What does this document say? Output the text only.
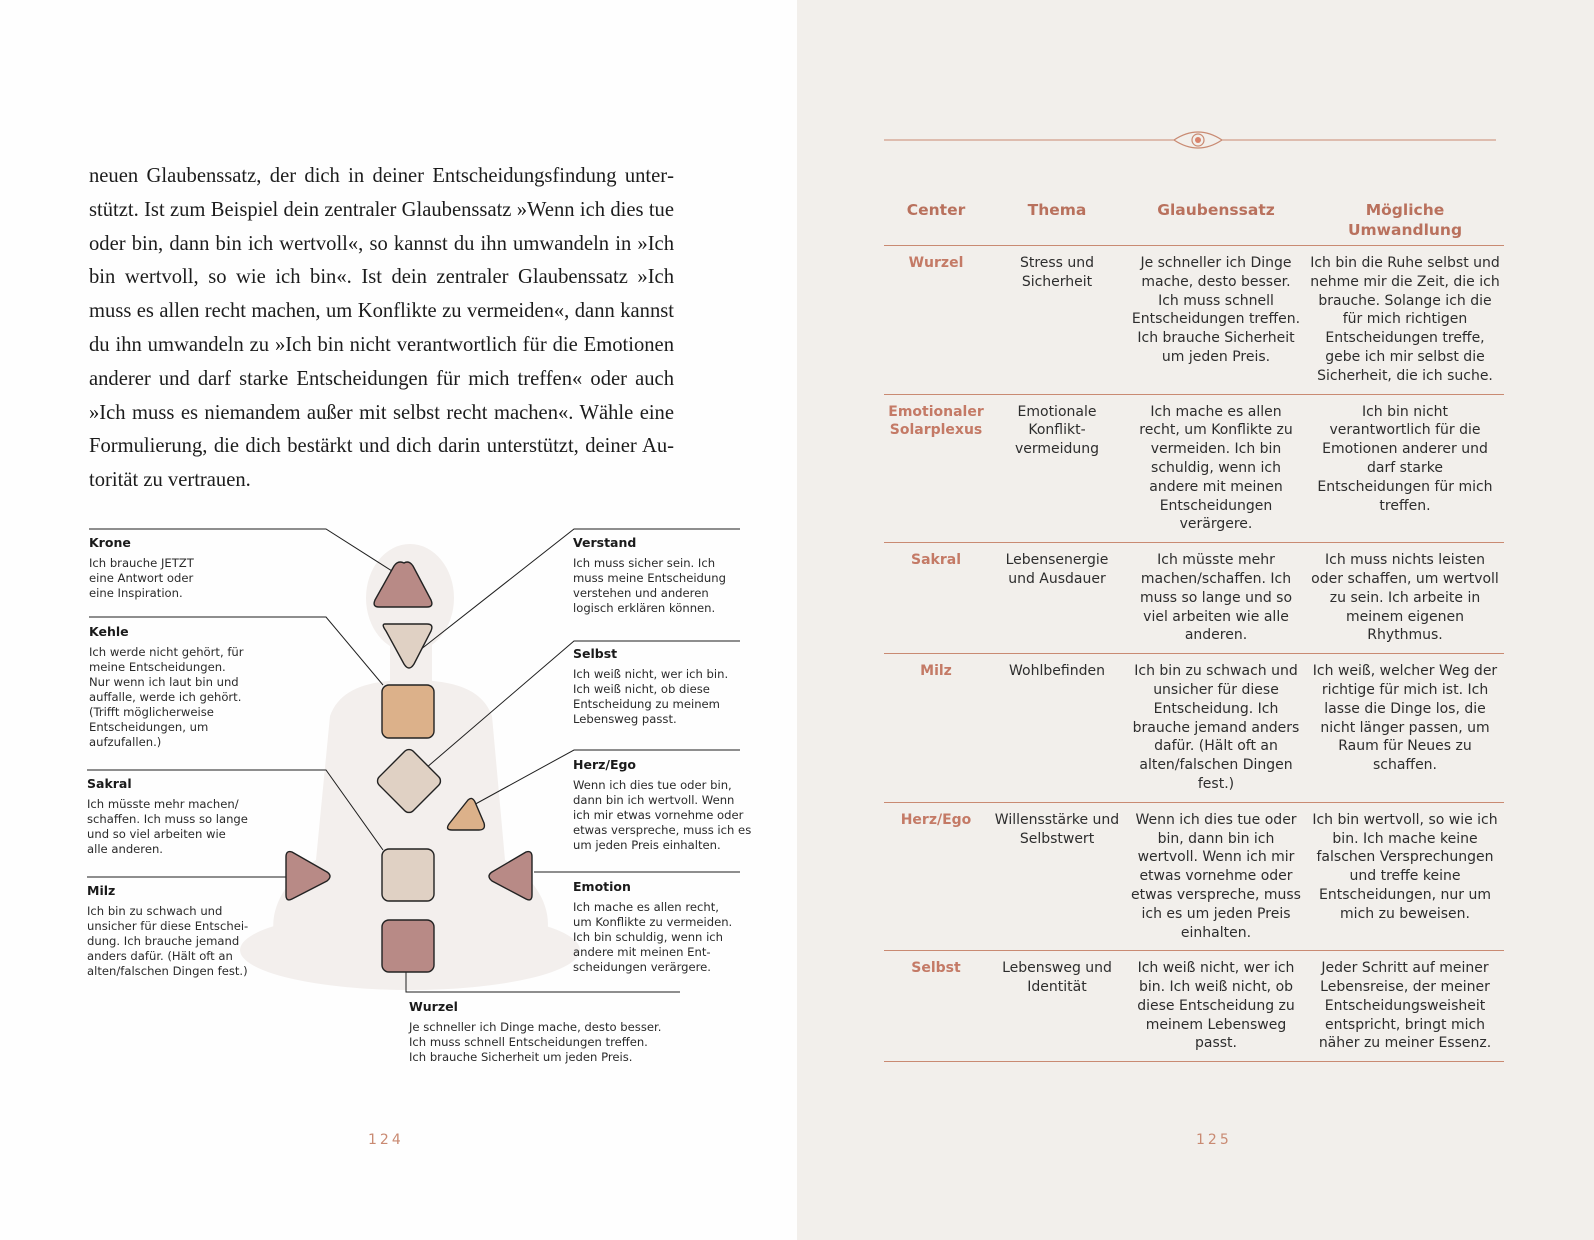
neuen Glaubenssatz, der dich in deiner Entscheidungsfindung unterstützt. Ist zum Beispiel dein zentraler Glaubenssatz »Wenn ich dies tue oder bin, dann bin ich wertvoll«, so kannst du ihn umwandeln in »Ich bin wertvoll, so wie ich bin«. Ist dein zentraler Glaubenssatz »Ich muss es allen recht machen, um Konflikte zu vermeiden«, dann kannst du ihn umwandeln zu »Ich bin nicht verantwortlich für die Emotionen anderer und darf starke Entscheidungen für mich treffen« oder auch »Ich muss es niemandem außer mit selbst recht machen«. Wähle eine Formulierung, die dich bestärkt und dich darin unterstützt, deiner Autorität zu vertrauen.

Krone
Ich brauche JETZT
eine Antwort oder
eine Inspiration.
Kehle
Ich werde nicht gehört, für
meine Entscheidungen.
Nur wenn ich laut bin und
auffalle, werde ich gehört.
(Trifft möglicherweise
Entscheidungen, um
aufzufallen.)
Sakral
Ich müsste mehr machen/
schaffen. Ich muss so lange
und so viel arbeiten wie
alle anderen.
Milz
Ich bin zu schwach und
unsicher für diese Entschei-
dung. Ich brauche jemand
anders dafür. (Hält oft an
alten/falschen Dingen fest.)
Verstand
Ich muss sicher sein. Ich
muss meine Entscheidung
verstehen und anderen
logisch erklären können.
Selbst
Ich weiß nicht, wer ich bin.
Ich weiß nicht, ob diese
Entscheidung zu meinem
Lebensweg passt.
Herz/Ego
Wenn ich dies tue oder bin,
dann bin ich wertvoll. Wenn
ich mir etwas vornehme oder
etwas verspreche, muss ich es
um jeden Preis einhalten.
Emotion
Ich mache es allen recht,
um Konflikte zu vermeiden.
Ich bin schuldig, wenn ich
andere mit meinen Ent-
scheidungen verärgere.
Wurzel
Je schneller ich Dinge mache, desto besser.
Ich muss schnell Entscheidungen treffen.
Ich brauche Sicherheit um jeden Preis.
124
Center	Thema	Glaubenssatz	Mögliche Umwandlung
Wurzel	Stress und Sicherheit	Je schneller ich Dinge mache, desto besser. Ich muss schnell Entscheidungen treffen. Ich brauche Sicherheit um jeden Preis.	Ich bin die Ruhe selbst und nehme mir die Zeit, die ich brauche. Solange ich die für mich richtigen Entscheidungen treffe, gebe ich mir selbst die Sicherheit, die ich suche.
Emotionaler Solarplexus	Emotionale Konfliktvermeidung	Ich mache es allen recht, um Konflikte zu vermeiden. Ich bin schuldig, wenn ich andere mit meinen Entscheidungen verärgere.	Ich bin nicht verantwortlich für die Emotionen anderer und darf starke Entscheidungen für mich treffen.
Sakral	Lebensenergie und Ausdauer	Ich müsste mehr machen/schaffen. Ich muss so lange und so viel arbeiten wie alle anderen.	Ich muss nichts leisten oder schaffen, um wertvoll zu sein. Ich arbeite in meinem eigenen Rhythmus.
Milz	Wohlbefinden	Ich bin zu schwach und unsicher für diese Entscheidung. Ich brauche jemand anders dafür. (Hält oft an alten/falschen Dingen fest.)	Ich weiß, welcher Weg der richtige für mich ist. Ich lasse die Dinge los, die nicht länger passen, um Raum für Neues zu schaffen.
Herz/Ego	Willensstärke und Selbstwert	Wenn ich dies tue oder bin, dann bin ich wertvoll. Wenn ich mir etwas vornehme oder etwas verspreche, muss ich es um jeden Preis einhalten.	Ich bin wertvoll, so wie ich bin. Ich mache keine falschen Versprechungen und treffe keine Entscheidungen, nur um mich zu beweisen.
Selbst	Lebensweg und Identität	Ich weiß nicht, wer ich bin. Ich weiß nicht, ob diese Entscheidung zu meinem Lebensweg passt.	Jeder Schritt auf meiner Lebensreise, der meiner Entscheidungsweisheit entspricht, bringt mich näher zu meiner Essenz.
125
